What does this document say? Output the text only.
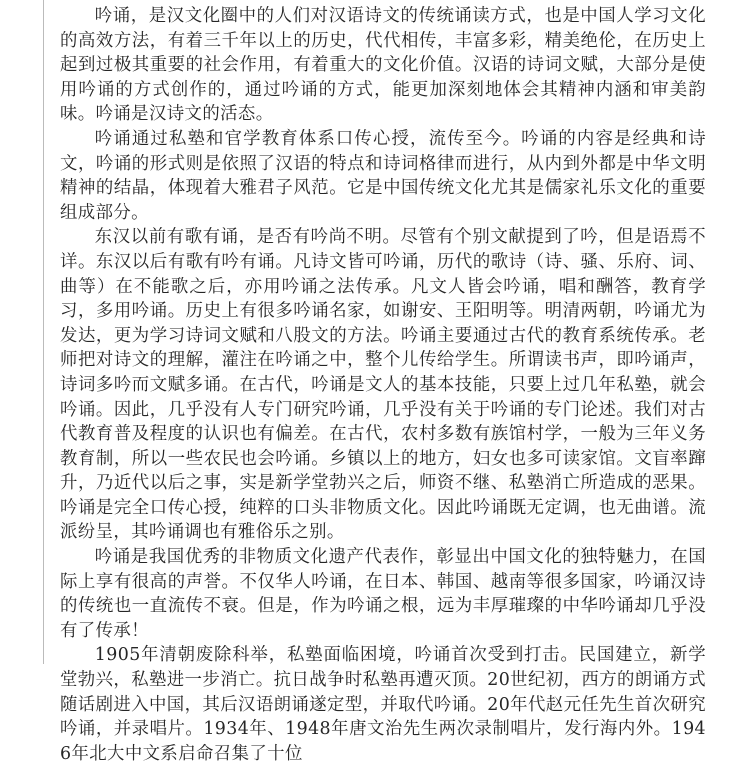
吟诵，是汉文化圈中的人们对汉语诗文的传统诵读方式，也是中国人学习文化的高效方法，有着三千年以上的历史，代代相传，丰富多彩，精美绝伦，在历史上起到过极其重要的社会作用，有着重大的文化价值。汉语的诗词文赋，大部分是使用吟诵的方式创作的，通过吟诵的方式，能更加深刻地体会其精神内涵和审美韵味。吟诵是汉诗文的活态。

吟诵通过私塾和官学教育体系口传心授，流传至今。吟诵的内容是经典和诗文，吟诵的形式则是依照了汉语的特点和诗词格律而进行，从内到外都是中华文明精神的结晶，体现着大雅君子风范。它是中国传统文化尤其是儒家礼乐文化的重要组成部分。

东汉以前有歌有诵，是否有吟尚不明。尽管有个别文献提到了吟，但是语焉不详。东汉以后有歌有吟有诵。凡诗文皆可吟诵，历代的歌诗（诗、骚、乐府、词、曲等）在不能歌之后，亦用吟诵之法传承。凡文人皆会吟诵，唱和酬答，教育学习，多用吟诵。历史上有很多吟诵名家，如谢安、王阳明等。明清两朝，吟诵尤为发达，更为学习诗词文赋和八股文的方法。吟诵主要通过古代的教育系统传承。老师把对诗文的理解，灌注在吟诵之中，整个儿传给学生。所谓读书声，即吟诵声，诗词多吟而文赋多诵。在古代，吟诵是文人的基本技能，只要上过几年私塾，就会吟诵。因此，几乎没有人专门研究吟诵，几乎没有关于吟诵的专门论述。我们对古代教育普及程度的认识也有偏差。在古代，农村多数有族馆村学，一般为三年义务教育制，所以一些农民也会吟诵。乡镇以上的地方，妇女也多可读家馆。文盲率蹿升，乃近代以后之事，实是新学堂勃兴之后，师资不继、私塾消亡所造成的恶果。吟诵是完全口传心授，纯粹的口头非物质文化。因此吟诵既无定调，也无曲谱。流派纷呈，其吟诵调也有雅俗乐之别。

吟诵是我国优秀的非物质文化遗产代表作，彰显出中国文化的独特魅力，在国际上享有很高的声誉。不仅华人吟诵，在日本、韩国、越南等很多国家，吟诵汉诗的传统也一直流传不衰。但是，作为吟诵之根，远为丰厚璀璨的中华吟诵却几乎没有了传承！

1905年清朝废除科举，私塾面临困境，吟诵首次受到打击。民国建立，新学堂勃兴，私塾进一步消亡。抗日战争时私塾再遭灭顶。20世纪初，西方的朗诵方式随话剧进入中国，其后汉语朗诵遂定型，并取代吟诵。20年代赵元任先生首次研究吟诵，并录唱片。1934年、1948年唐文治先生两次录制唱片，发行海内外。1946年北大中文系启命召集了十位
